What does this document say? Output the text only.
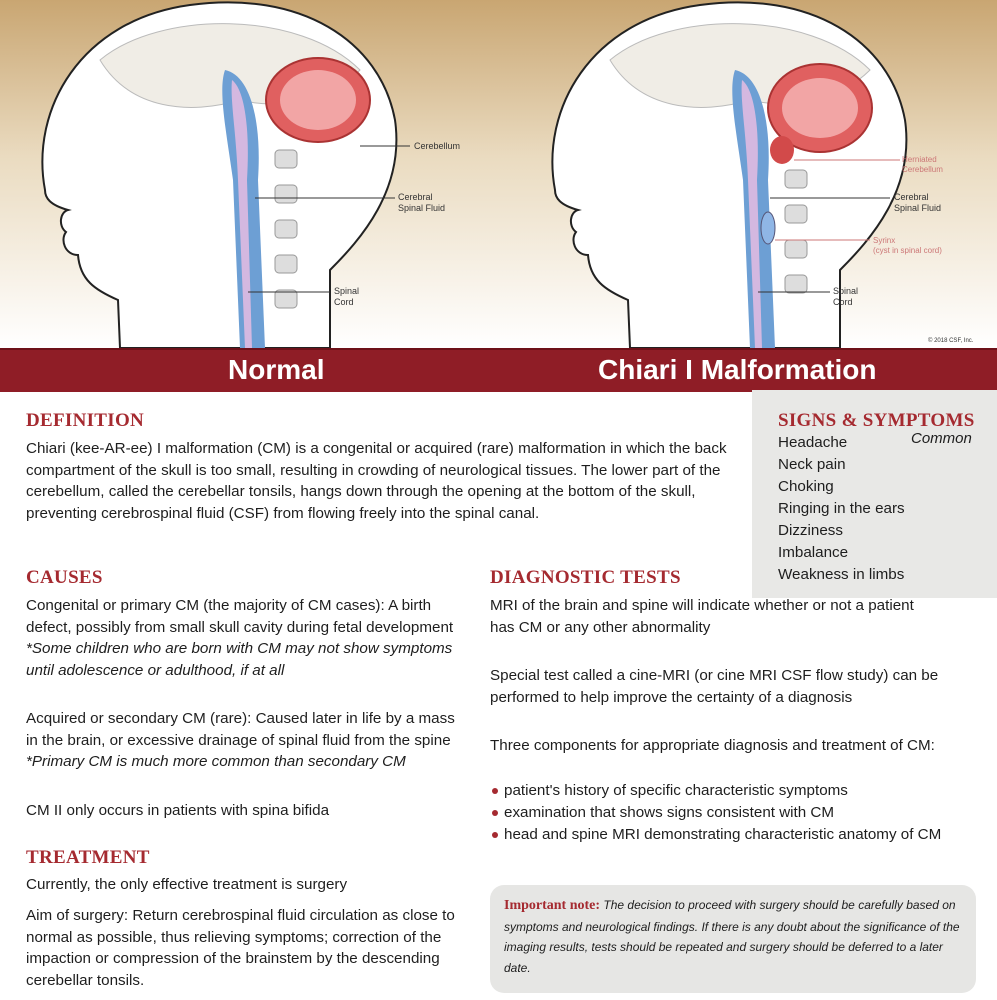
Cerebellum
Cerebral
Spinal Fluid
Spinal
Cord
Herniated
Cerebellum
Cerebral
Spinal Fluid
Syrinx
(cyst in spinal cord)
Spinal
Cord
© 2018 CSF, Inc.
Normal	Chiari I Malformation
SIGNS & SYMPTOMS
Common
Headache
Neck pain
Choking
Ringing in the ears
Dizziness
Imbalance
Weakness in limbs
DEFINITION
Chiari (kee-AR-ee) I malformation (CM) is a congenital or acquired (rare) malformation in which the back compartment of the skull is too small, resulting in crowding of neurological tissues. The lower part of the cerebellum, called the cerebellar tonsils, hangs down through the opening at the bottom of the skull, preventing cerebrospinal fluid (CSF) from flowing freely into the spinal canal.
CAUSES
Congenital or primary CM (the majority of CM cases): A birth defect, possibly from small skull cavity during fetal development *Some children who are born with CM may not show symptoms until adolescence or adulthood, if at all
Acquired or secondary CM (rare): Caused later in life by a mass in the brain, or excessive drainage of spinal fluid from the spine *Primary CM is much more common than secondary CM
CM II only occurs in patients with spina bifida
TREATMENT
Currently, the only effective treatment is surgery
Aim of surgery: Return cerebrospinal fluid circulation as close to normal as possible, thus relieving symptoms; correction of the impaction or compression of the brainstem by the descending cerebellar tonsils.
DIAGNOSTIC TESTS
MRI of the brain and spine will indicate whether or not a patient has CM or any other abnormality
Special test called a cine-MRI (or cine MRI CSF flow study) can be performed to help improve the certainty of a diagnosis
Three components for appropriate diagnosis and treatment of CM:
patient's history of specific characteristic symptoms
examination that shows signs consistent with CM
head and spine MRI demonstrating characteristic anatomy of CM
Important note: The decision to proceed with surgery should be carefully based on symptoms and neurological findings. If there is any doubt about the significance of the imaging results, tests should be repeated and surgery should be deferred to a later date.
